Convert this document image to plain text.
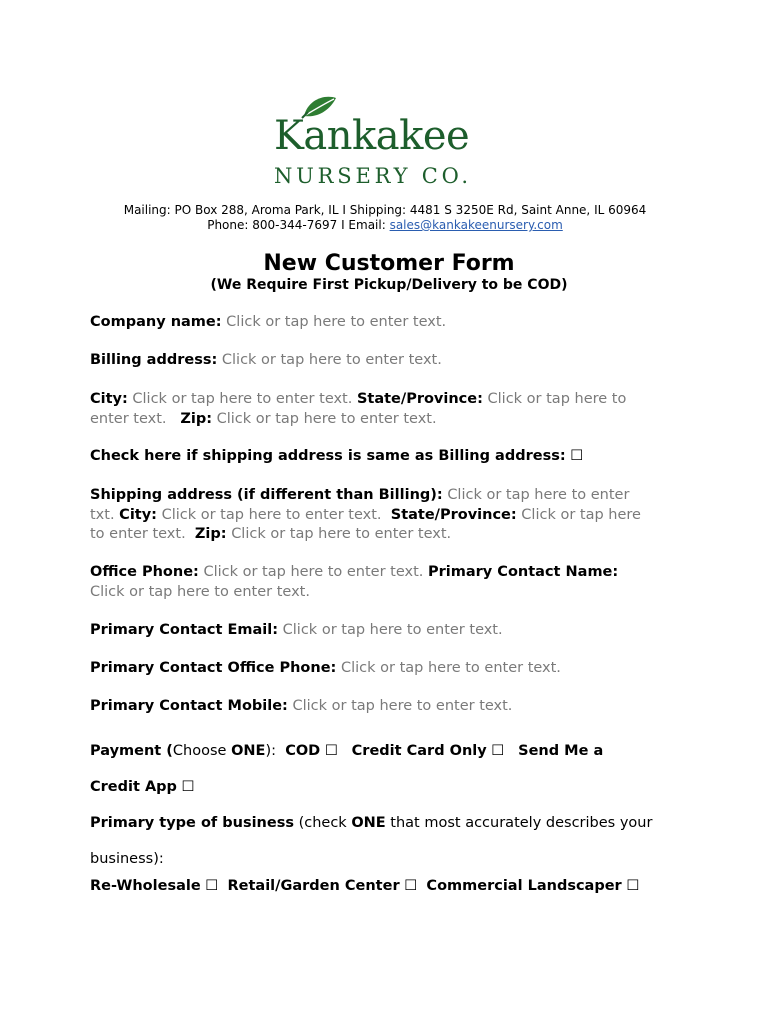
Kankakee
NURSERY CO.
Mailing: PO Box 288, Aroma Park, IL I Shipping: 4481 S 3250E Rd, Saint Anne, IL 60964
Phone: 800-344-7697 I Email: sales@kankakeenursery.com
New Customer Form
(We Require First Pickup/Delivery to be COD)
Company name: Click or tap here to enter text.
Billing address: Click or tap here to enter text.
City: Click or tap here to enter text. State/Province: Click or tap here to
enter text. Zip: Click or tap here to enter text.
Check here if shipping address is same as Billing address: ☐
Shipping address (if different than Billing): Click or tap here to enter
txt. City: Click or tap here to enter text. State/Province: Click or tap here
to enter text. Zip: Click or tap here to enter text.
Office Phone: Click or tap here to enter text. Primary Contact Name:
Click or tap here to enter text.
Primary Contact Email: Click or tap here to enter text.
Primary Contact Office Phone: Click or tap here to enter text.
Primary Contact Mobile: Click or tap here to enter text.
Payment (Choose ONE): COD ☐ Credit Card Only ☐ Send Me a
Credit App ☐
Primary type of business (check ONE that most accurately describes your
business):
Re-Wholesale ☐ Retail/Garden Center ☐ Commercial Landscaper ☐
